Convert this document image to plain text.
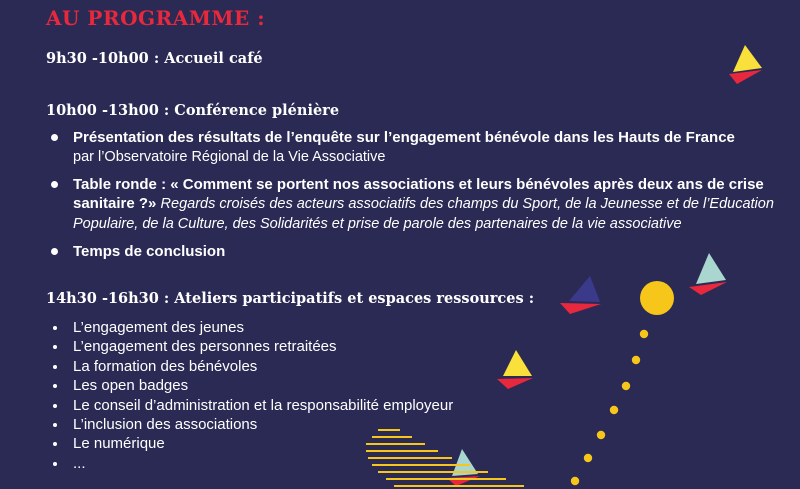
AU PROGRAMME :

9h30 -10h00 : Accueil café

10h00 -13h00 : Conférence plénière

Présentation des résultats de l’enquête sur l’engagement bénévole dans les Hauts de France
par l’Observatoire Régional de la Vie Associative
Table ronde : « Comment se portent nos associations et leurs bénévoles après deux ans de crise sanitaire ?» Regards croisés des acteurs associatifs des champs du Sport, de la Jeunesse et de l’Education Populaire, de la Culture, des Solidarités et prise de parole des partenaires de la vie associative
Temps de conclusion

14h30 -16h30 : Ateliers participatifs et espaces ressources :

L’engagement des jeunes
L’engagement des personnes retraitées
La formation des bénévoles
Les open badges
Le conseil d’administration et la responsabilité employeur
L’inclusion des associations
Le numérique
...
